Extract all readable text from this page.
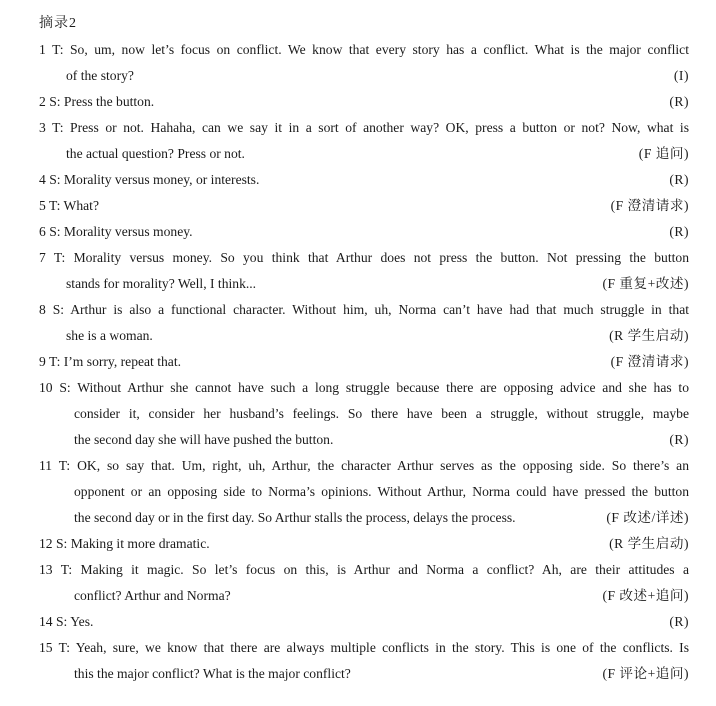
摘录2
1 T: So, um, now let’s focus on conflict. We know that every story has a conflict. What is the major conflict
of the story?	(I)
2 S: Press the button.	(R)
3 T: Press or not. Hahaha, can we say it in a sort of another way? OK, press a button or not? Now, what is
the actual question? Press or not.	(F 追问)
4 S: Morality versus money, or interests.	(R)
5 T: What?	(F 澄清请求)
6 S: Morality versus money.	(R)
7 T: Morality versus money. So you think that Arthur does not press the button. Not pressing the button
stands for morality? Well, I think...	(F 重复+改述)
8 S: Arthur is also a functional character. Without him, uh, Norma can’t have had that much struggle in that
she is a woman.	(R 学生启动)
9 T: I’m sorry, repeat that.	(F 澄清请求)
10 S: Without Arthur she cannot have such a long struggle because there are opposing advice and she has to
consider it, consider her husband’s feelings. So there have been a struggle, without struggle, maybe
the second day she will have pushed the button.	(R)
11 T: OK, so say that. Um, right, uh, Arthur, the character Arthur serves as the opposing side. So there’s an
opponent or an opposing side to Norma’s opinions. Without Arthur, Norma could have pressed the button
the second day or in the first day. So Arthur stalls the process, delays the process.	(F 改述/详述)
12 S: Making it more dramatic.	(R 学生启动)
13 T: Making it magic. So let’s focus on this, is Arthur and Norma a conflict? Ah, are their attitudes a
conflict? Arthur and Norma?	(F 改述+追问)
14 S: Yes.	(R)
15 T: Yeah, sure, we know that there are always multiple conflicts in the story. This is one of the conflicts. Is
this the major conflict? What is the major conflict?	(F 评论+追问)
